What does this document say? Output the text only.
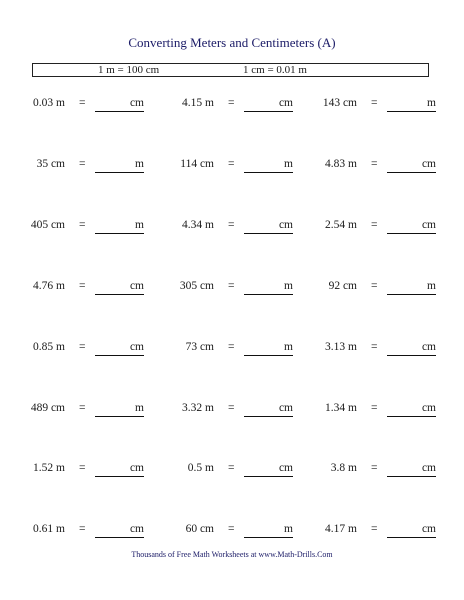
Converting Meters and Centimeters (A)
1 m = 100 cm	1 cm = 0.01 m
0.03 m =	cm	4.15 m =	cm	143 cm =	m
35 cm =	m	114 cm =	m	4.83 m =	cm
405 cm =	m	4.34 m =	cm	2.54 m =	cm
4.76 m =	cm	305 cm =	m	92 cm =	m
0.85 m =	cm	73 cm =	m	3.13 m =	cm
489 cm =	m	3.32 m =	cm	1.34 m =	cm
1.52 m =	cm	0.5 m =	cm	3.8 m =	cm
0.61 m =	cm	60 cm =	m	4.17 m =	cm
Thousands of Free Math Worksheets at www.Math-Drills.Com
